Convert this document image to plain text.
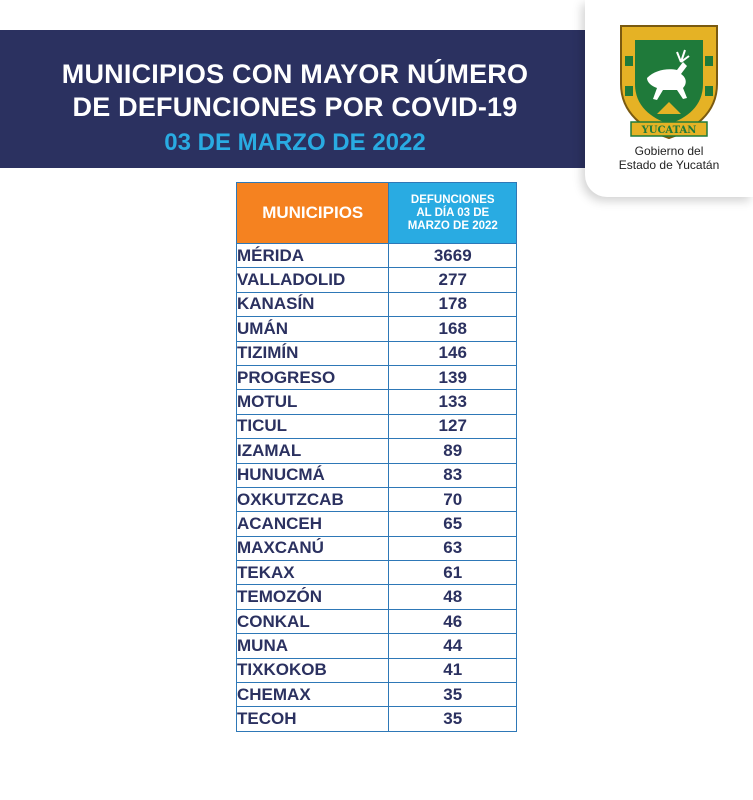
MUNICIPIOS CON MAYOR NÚMERO
DE DEFUNCIONES POR COVID-19
03 DE MARZO DE 2022	YUCATAN
Gobierno del
Estado de Yucatán
MUNICIPIOS	DEFUNCIONES
AL DÍA 03 DE
MARZO DE 2022

MÉRIDA	3669
VALLADOLID	277
KANASÍN	178
UMÁN	168
TIZIMÍN	146
PROGRESO	139
MOTUL	133
TICUL	127
IZAMAL	89
HUNUCMÁ	83
OXKUTZCAB	70
ACANCEH	65
MAXCANÚ	63
TEKAX	61
TEMOZÓN	48
CONKAL	46
MUNA	44
TIXKOKOB	41
CHEMAX	35
TECOH	35
